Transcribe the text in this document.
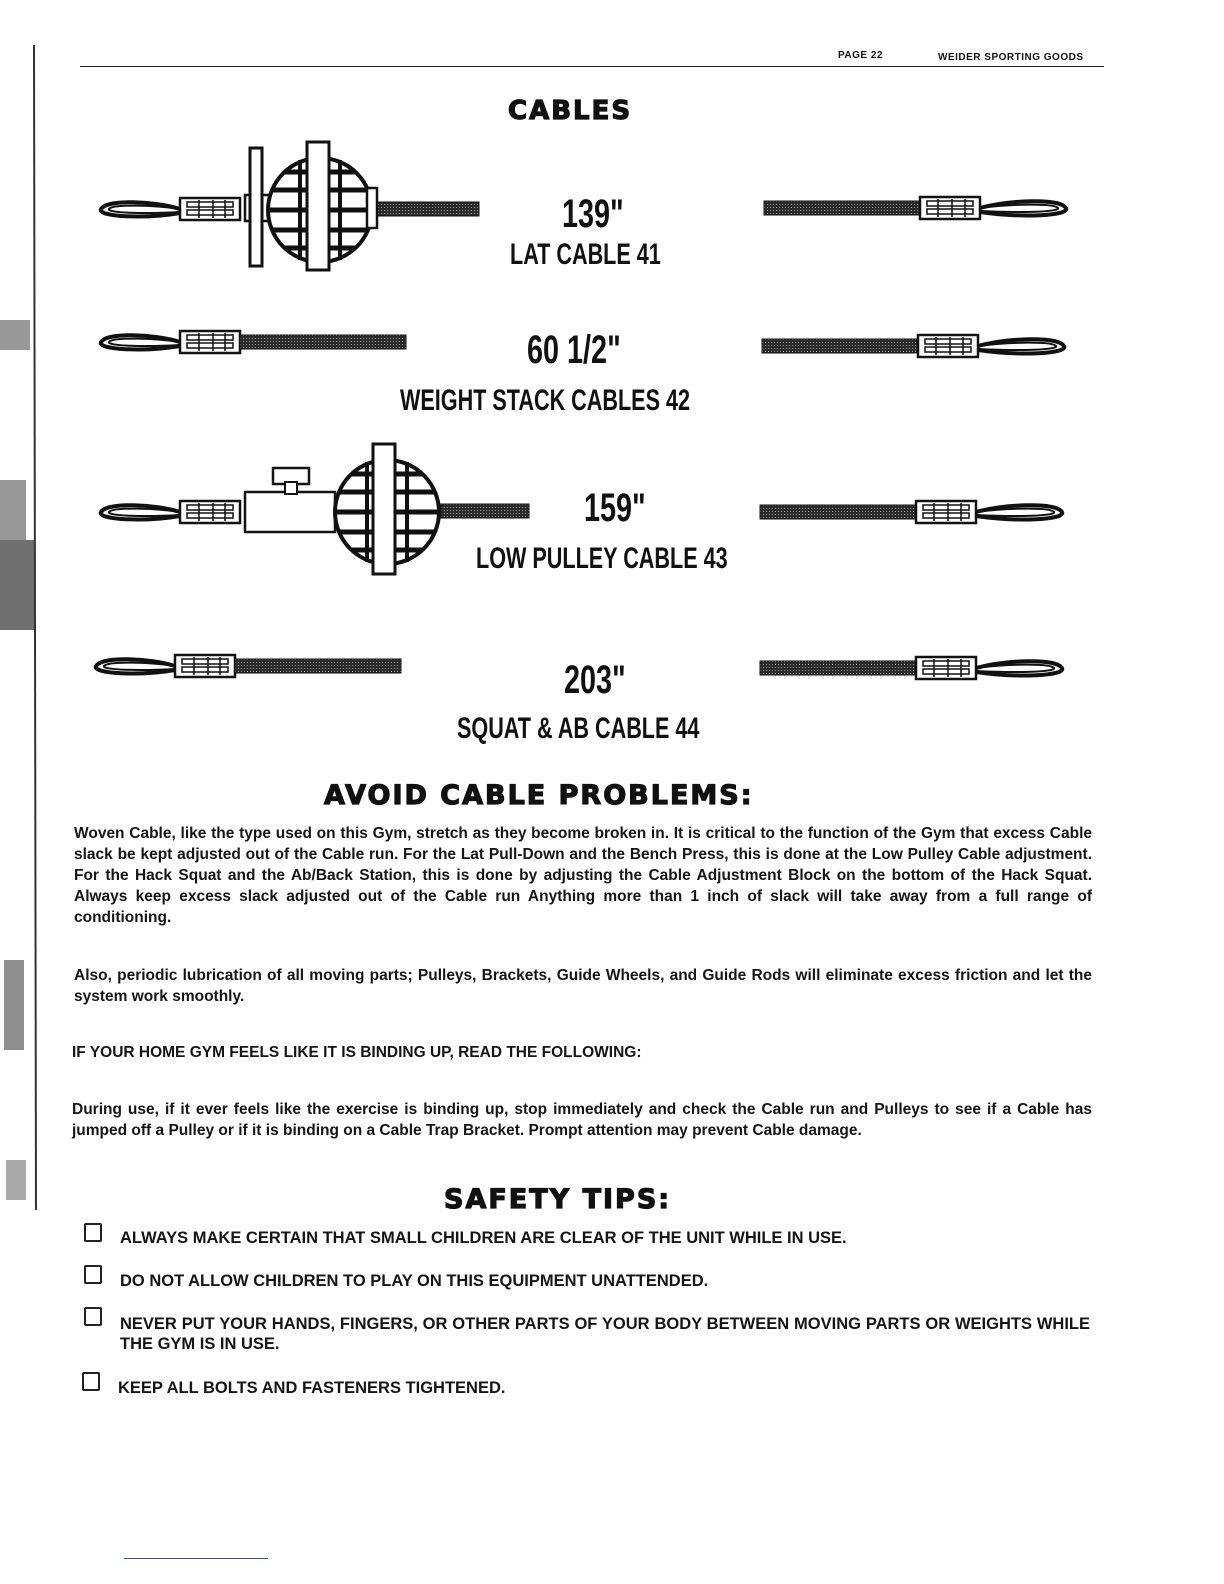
PAGE 22	WEIDER SPORTING GOODS
CABLES
139"
LAT CABLE 41
60 1/2"
WEIGHT STACK CABLES 42
159"
LOW PULLEY CABLE 43
203"
SQUAT & AB CABLE 44
AVOID CABLE PROBLEMS:
Woven Cable, like the type used on this Gym, stretch as they become broken in. It is critical to the function of the Gym that excess Cable slack be kept adjusted out of the Cable run. For the Lat Pull-Down and the Bench Press, this is done at the Low Pulley Cable adjustment. For the Hack Squat and the Ab/Back Station, this is done by adjusting the Cable Adjustment Block on the bottom of the Hack Squat. Always keep excess slack adjusted out of the Cable run Anything more than 1 inch of slack will take away from a full range of conditioning.
Also, periodic lubrication of all moving parts; Pulleys, Brackets, Guide Wheels, and Guide Rods will eliminate excess friction and let the system work smoothly.
IF YOUR HOME GYM FEELS LIKE IT IS BINDING UP, READ THE FOLLOWING:
During use, if it ever feels like the exercise is binding up, stop immediately and check the Cable run and Pulleys to see if a Cable has jumped off a Pulley or if it is binding on a Cable Trap Bracket. Prompt attention may prevent Cable damage.
SAFETY TIPS:
ALWAYS MAKE CERTAIN THAT SMALL CHILDREN ARE CLEAR OF THE UNIT WHILE IN USE.
DO NOT ALLOW CHILDREN TO PLAY ON THIS EQUIPMENT UNATTENDED.
NEVER PUT YOUR HANDS, FINGERS, OR OTHER PARTS OF YOUR BODY BETWEEN MOVING PARTS OR WEIGHTS WHILE THE GYM IS IN USE.
KEEP ALL BOLTS AND FASTENERS TIGHTENED.
